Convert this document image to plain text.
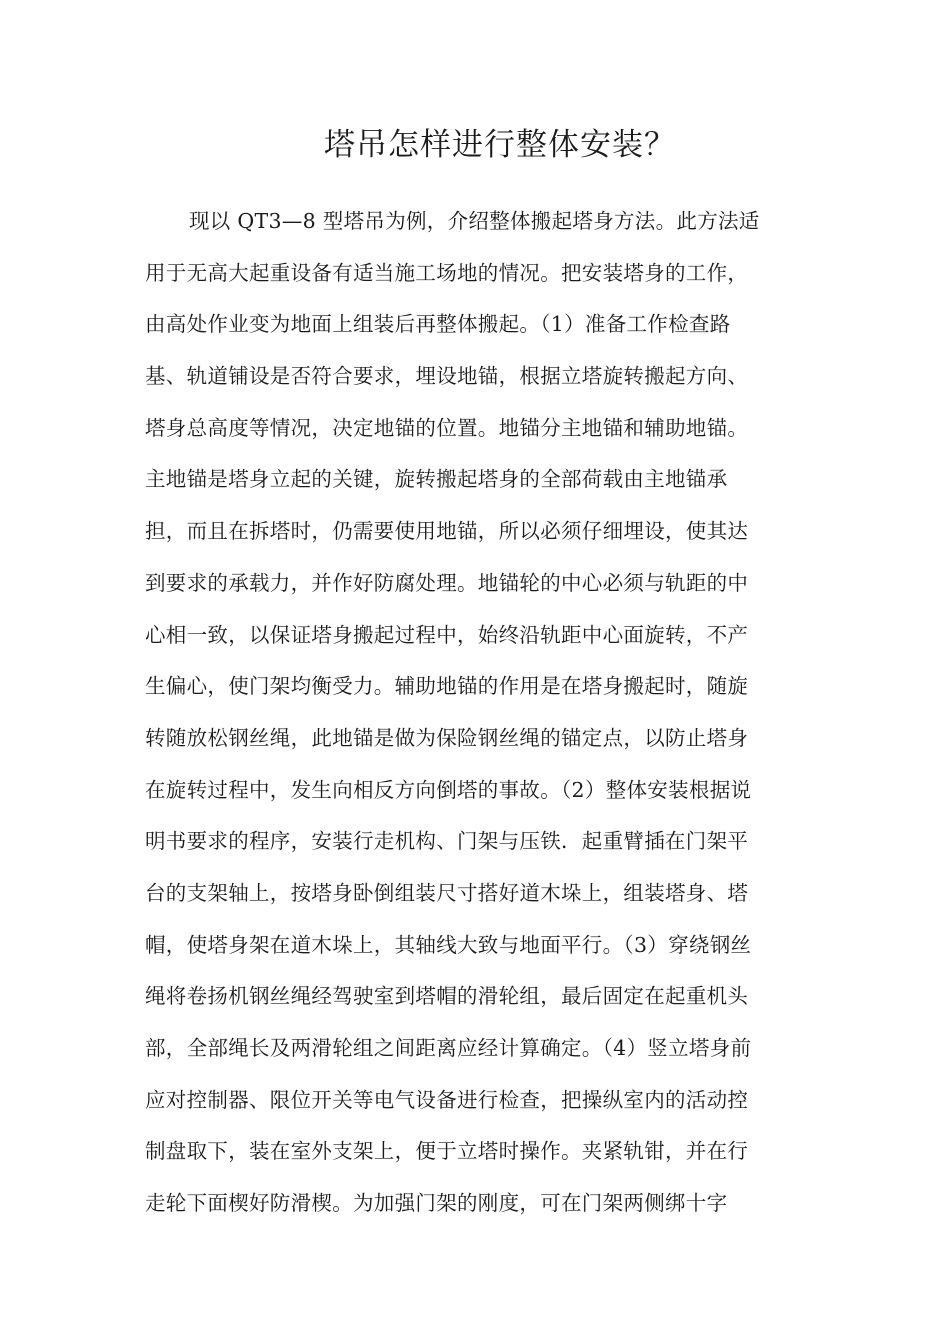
塔吊怎样进行整体安装？
现以 QT3—8 型塔吊为例，介绍整体搬起塔身方法。此方法适
用于无高大起重设备有适当施工场地的情况。把安装塔身的工作，
由高处作业变为地面上组装后再整体搬起。（1）准备工作检查路
基、轨道铺设是否符合要求，埋设地锚，根据立塔旋转搬起方向、
塔身总高度等情况，决定地锚的位置。地锚分主地锚和辅助地锚。
主地锚是塔身立起的关键，旋转搬起塔身的全部荷载由主地锚承
担，而且在拆塔时，仍需要使用地锚，所以必须仔细埋设，使其达
到要求的承载力，并作好防腐处理。地锚轮的中心必须与轨距的中
心相一致，以保证塔身搬起过程中，始终沿轨距中心面旋转，不产
生偏心，使门架均衡受力。辅助地锚的作用是在塔身搬起时，随旋
转随放松钢丝绳，此地锚是做为保险钢丝绳的锚定点，以防止塔身
在旋转过程中，发生向相反方向倒塔的事故。（2）整体安装根据说
明书要求的程序，安装行走机构、门架与压铁．起重臂插在门架平
台的支架轴上，按塔身卧倒组装尺寸搭好道木垛上，组装塔身、塔
帽，使塔身架在道木垛上，其轴线大致与地面平行。（3）穿绕钢丝
绳将卷扬机钢丝绳经驾驶室到塔帽的滑轮组，最后固定在起重机头
部，全部绳长及两滑轮组之间距离应经计算确定。（4）竖立塔身前
应对控制器、限位开关等电气设备进行检查，把操纵室内的活动控
制盘取下，装在室外支架上，便于立塔时操作。夹紧轨钳，并在行
走轮下面楔好防滑楔。为加强门架的刚度，可在门架两侧绑十字
